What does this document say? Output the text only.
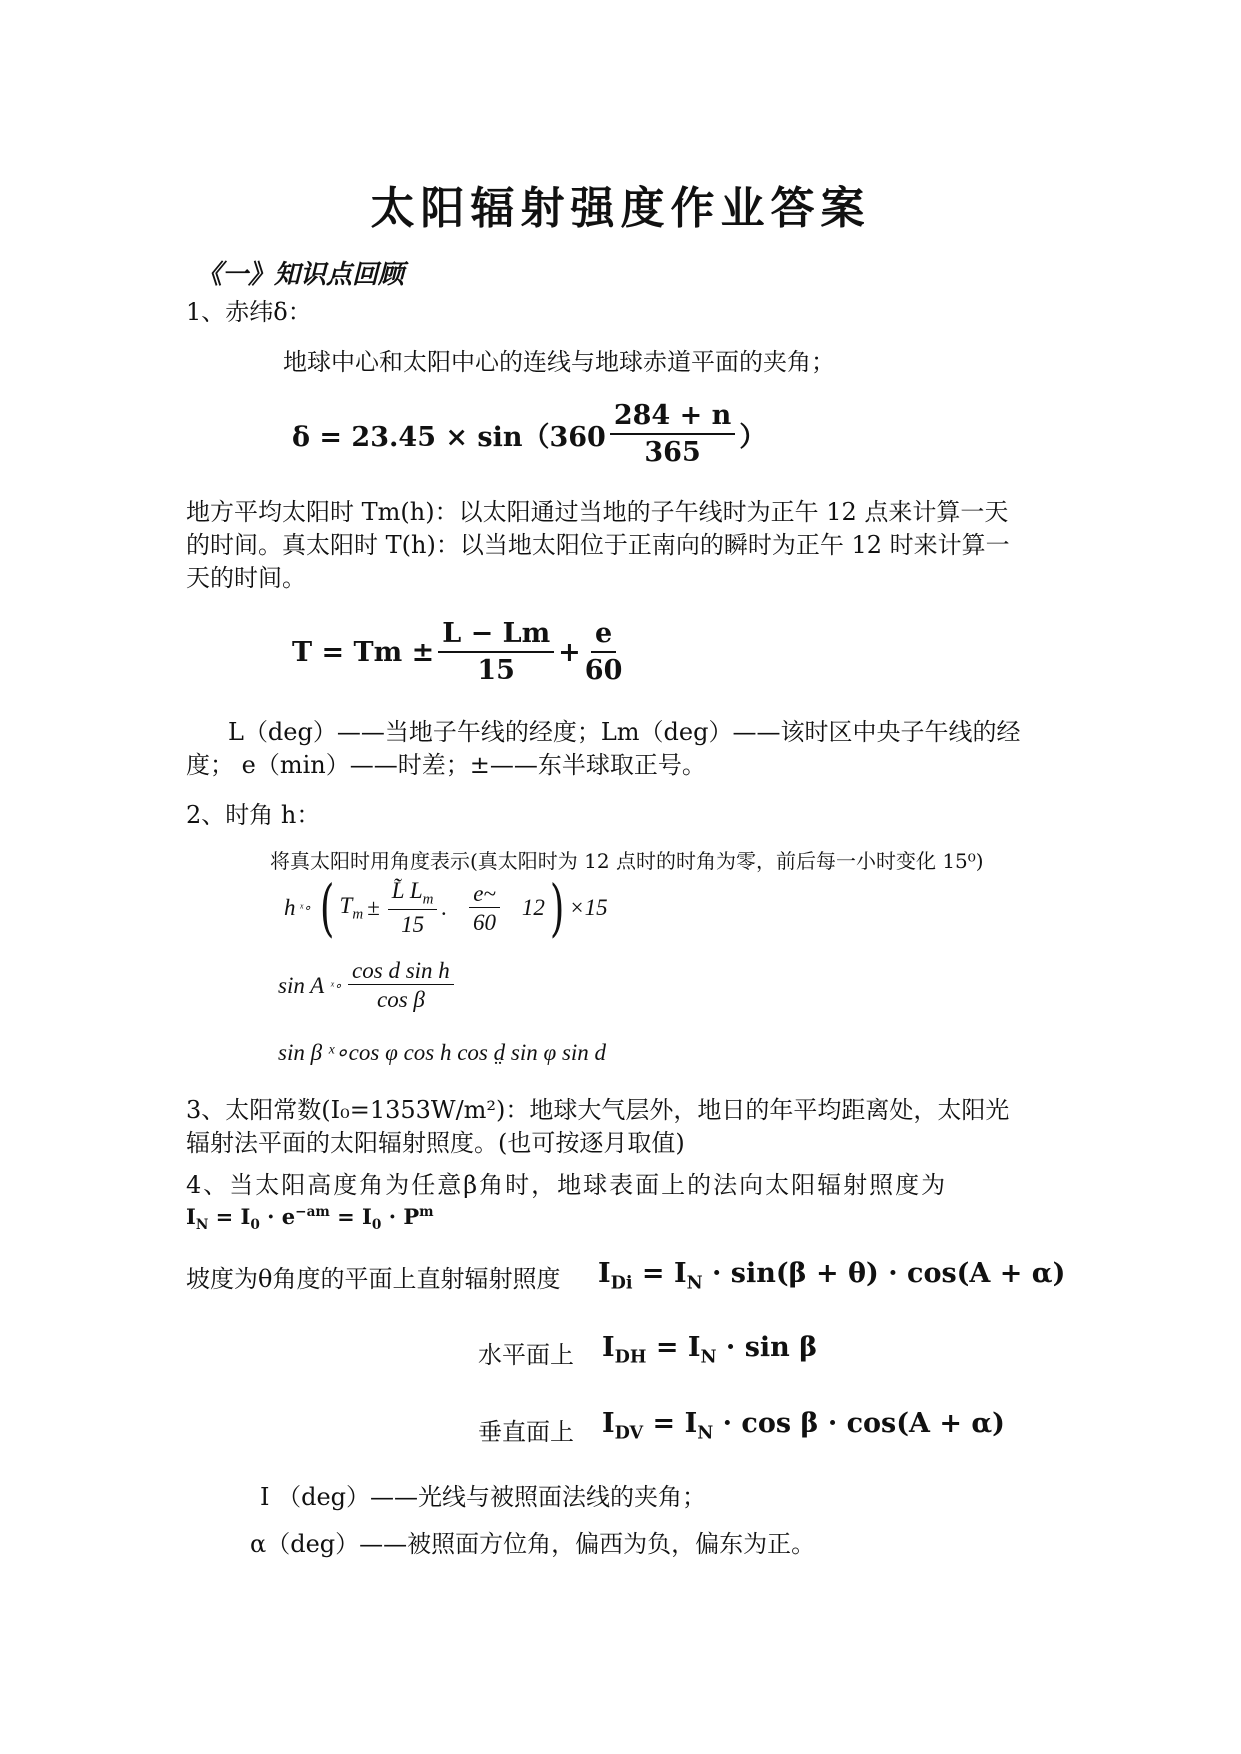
太阳辐射强度作业答案
《一》知识点回顾
1、赤纬δ：
地球中心和太阳中心的连线与地球赤道平面的夹角；
$\delta = 23.45 \times \sin(360 \frac{284 + n}{365}$ ）
地方平均太阳时 Tm(h)：以太阳通过当地的子午线时为正午 12 点来计算一天
的时间。真太阳时 T(h)：以当地太阳位于正南向的瞬时为正午 12 时来计算一
天的时间。
$T = Tm \pm \frac{L - Lm}{15} + \frac{e}{60}$
L（deg）——当地子午线的经度；Lm（deg）——该时区中央子午线的经
度； e（min）——时差；±——东半球取正号。
2、时角 h：
将真太阳时用角度表示(真太阳时为 12 点时的时角为零，前后每一小时变化 15⁰)
h ˣ∘ ( $T_m \pm \frac{L̃ L_m}{15}$ . $\frac{e\sim}{60} 12$ ) ×15
sin A ˣ∘ $\frac{\text{cos d sin h}}{\text{cos β}}$
sin β ˣ∘cos φ cos h cos d̤ sin φ sin d
3、太阳常数(I₀=1353W/m²)：地球大气层外，地日的年平均距离处，太阳光
辐射法平面的太阳辐射照度。(也可按逐月取值)
4、当太阳高度角为任意β角时，地球表面上的法向太阳辐射照度为
$I_N = I_0 \cdot e^{-am} = I_0 \cdot P^m$
坡度为θ角度的平面上直射辐射照度 $I_{Di} = I_N \cdot \sin(\beta + \theta) \cdot \cos(A + \alpha)$
水平面上 $I_{DH} = I_N \cdot \sin \beta$
垂直面上 $I_{DV} = I_N \cdot \cos \beta \cdot \cos(A + \alpha)$
I （deg）——光线与被照面法线的夹角；
α（deg）——被照面方位角，偏西为负，偏东为正。
